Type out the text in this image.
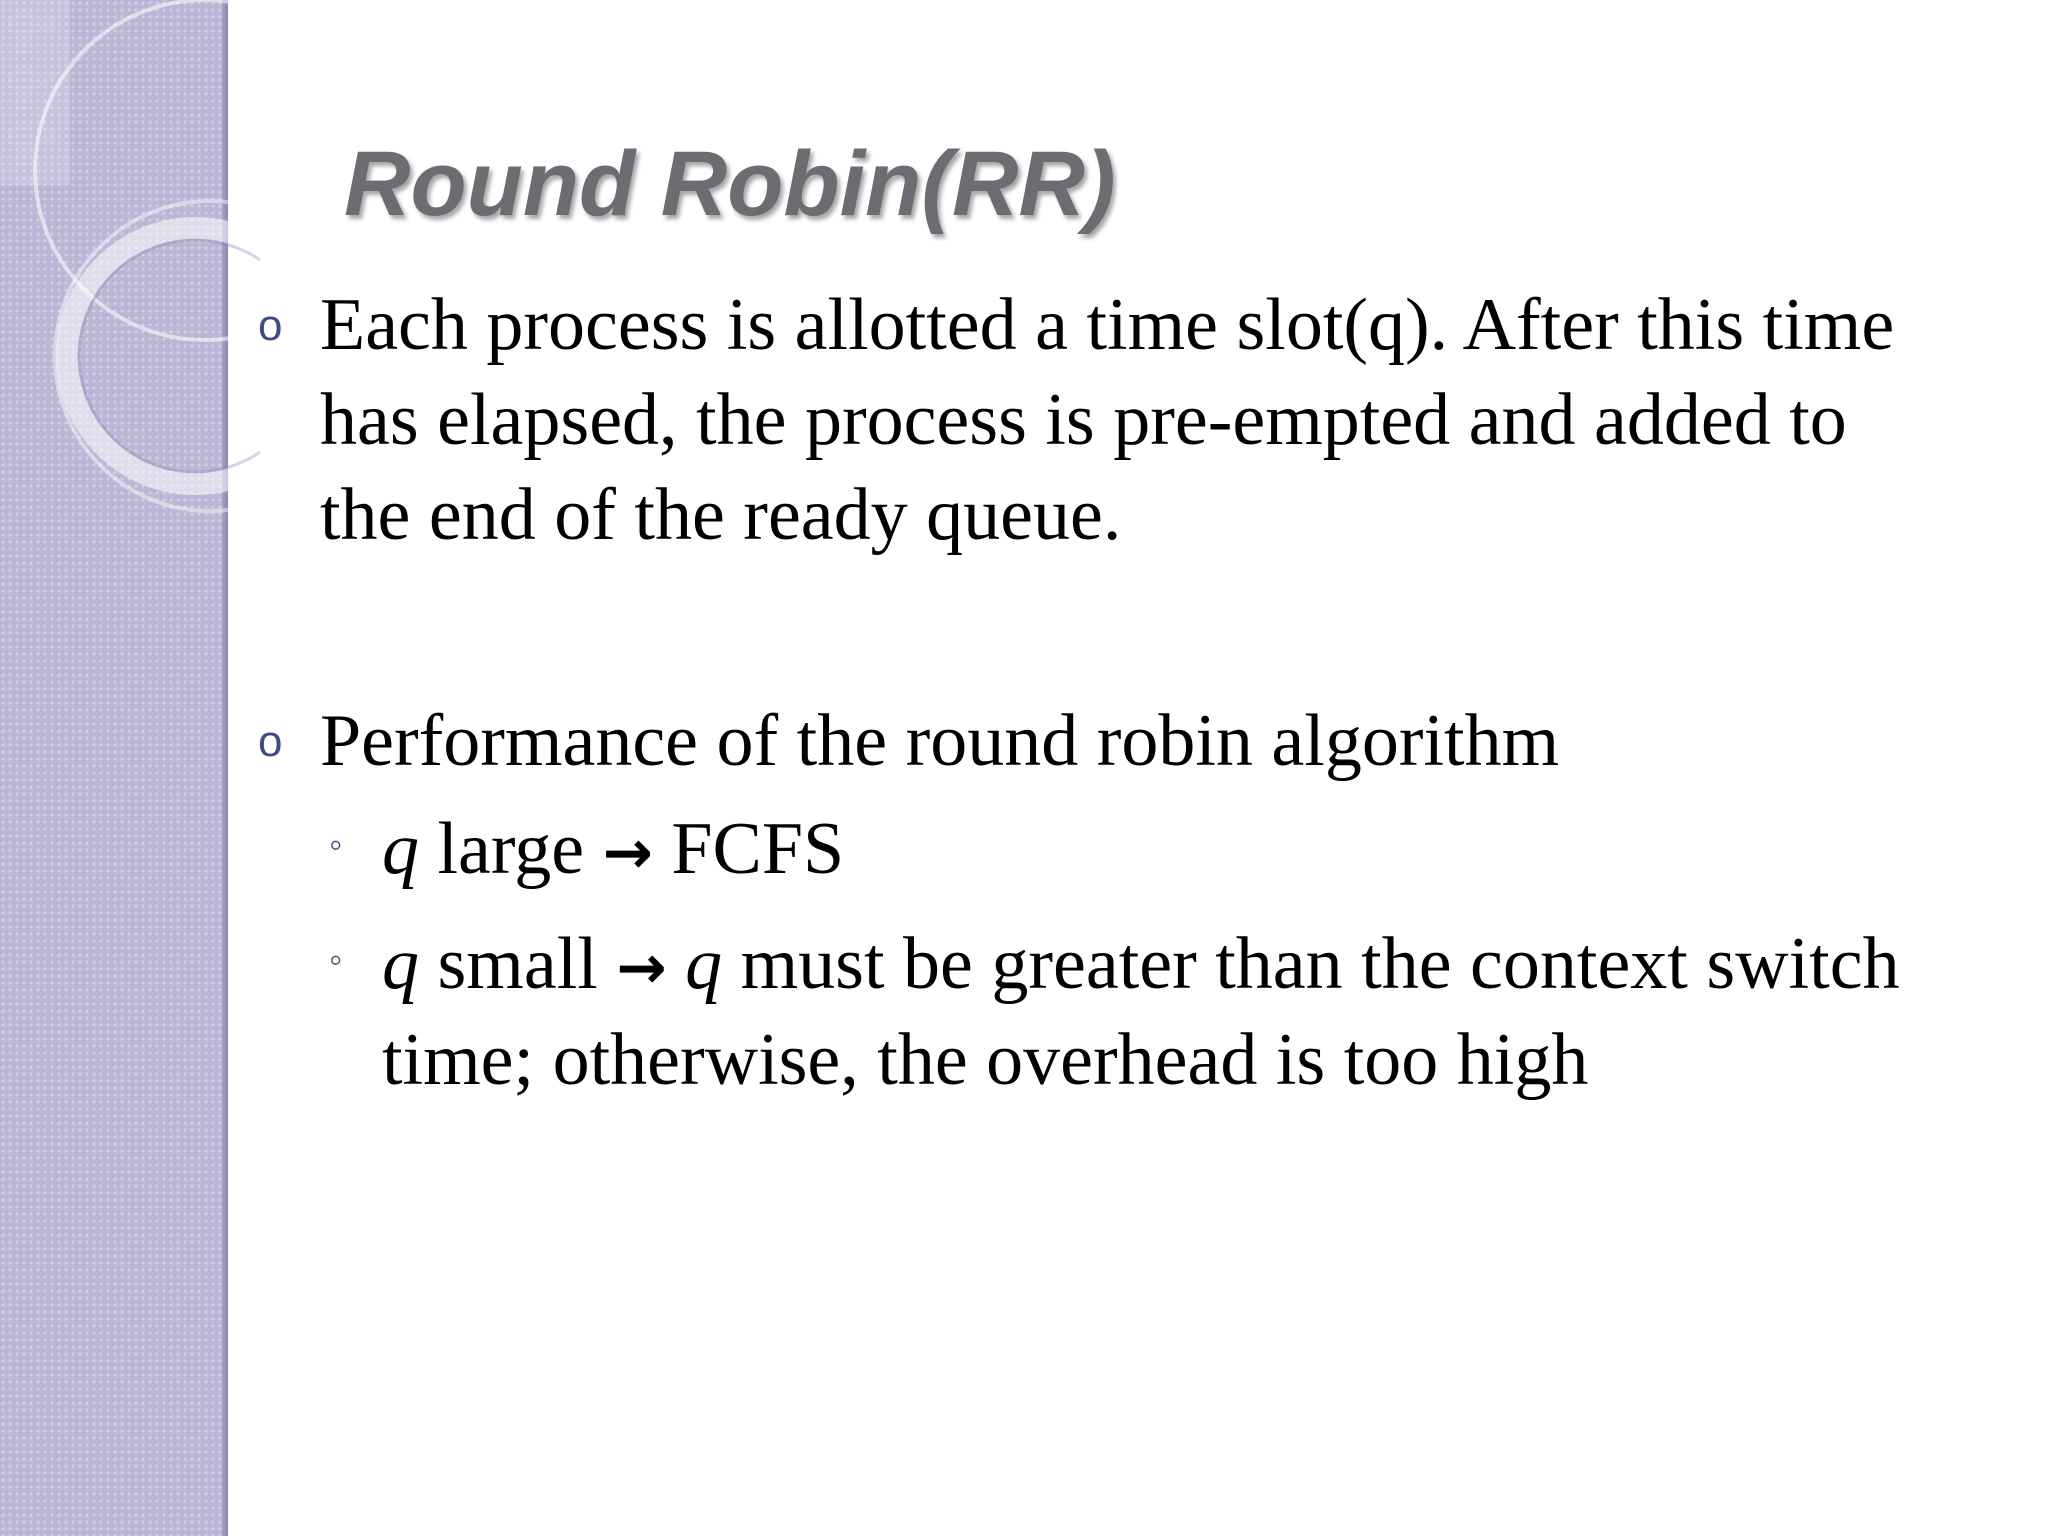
Round Robin(RR)
o Each process is allotted a time slot(q). After this time has elapsed, the process is pre-empted and added to the end of the ready queue.
o Performance of the round robin algorithm
◦ q large → FCFS
◦ q small → q must be greater than the context switch time; otherwise, the overhead is too high
